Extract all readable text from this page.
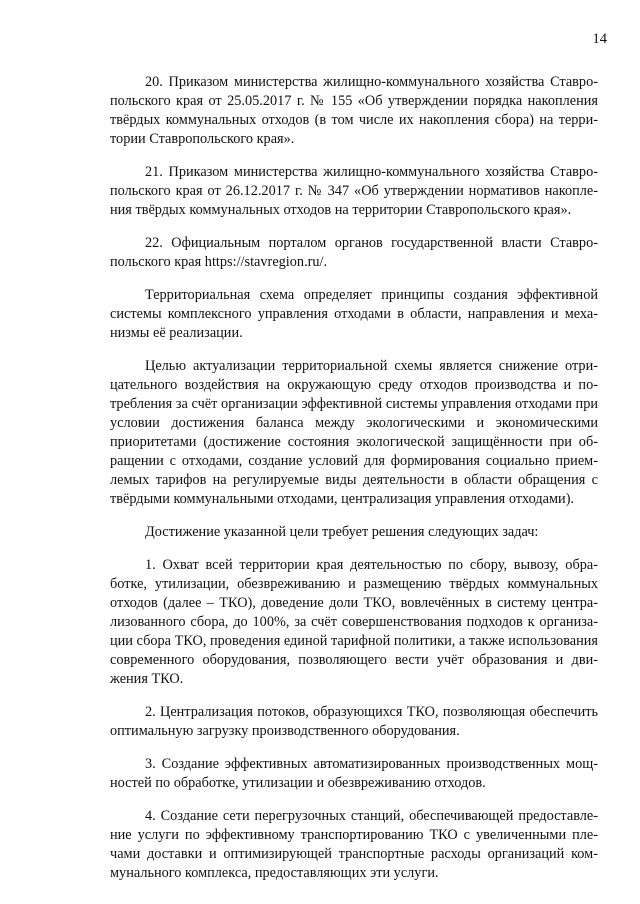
14

20. Приказом министерства жилищно-коммунального хозяйства Ставропольского края от 25.05.2017 г. № 155 «Об утверждении порядка накопления твёрдых коммунальных отходов (в том числе их накопления сбора) на территории Ставропольского края».

21. Приказом министерства жилищно-коммунального хозяйства Ставропольского края от 26.12.2017 г. № 347 «Об утверждении нормативов накопления твёрдых коммунальных отходов на территории Ставропольского края».

22. Официальным порталом органов государственной власти Ставропольского края https://stavregion.ru/.

Территориальная схема определяет принципы создания эффективной системы комплексного управления отходами в области, направления и механизмы её реализации.

Целью актуализации территориальной схемы является снижение отрицательного воздействия на окружающую среду отходов производства и потребления за счёт организации эффективной системы управления отходами при условии достижения баланса между экологическими и экономическими приоритетами (достижение состояния экологической защищённости при обращении с отходами, создание условий для формирования социально приемлемых тарифов на регулируемые виды деятельности в области обращения с твёрдыми коммунальными отходами, централизация управления отходами).

Достижение указанной цели требует решения следующих задач:

1. Охват всей территории края деятельностью по сбору, вывозу, обработке, утилизации, обезвреживанию и размещению твёрдых коммунальных отходов (далее – ТКО), доведение доли ТКО, вовлечённых в систему централизованного сбора, до 100%, за счёт совершенствования подходов к организации сбора ТКО, проведения единой тарифной политики, а также использования современного оборудования, позволяющего вести учёт образования и движения ТКО.

2. Централизация потоков, образующихся ТКО, позволяющая обеспечить оптимальную загрузку производственного оборудования.

3. Создание эффективных автоматизированных производственных мощностей по обработке, утилизации и обезвреживанию отходов.

4. Создание сети перегрузочных станций, обеспечивающей предоставление услуги по эффективному транспортированию ТКО с увеличенными плечами доставки и оптимизирующей транспортные расходы организаций коммунального комплекса, предоставляющих эти услуги.
